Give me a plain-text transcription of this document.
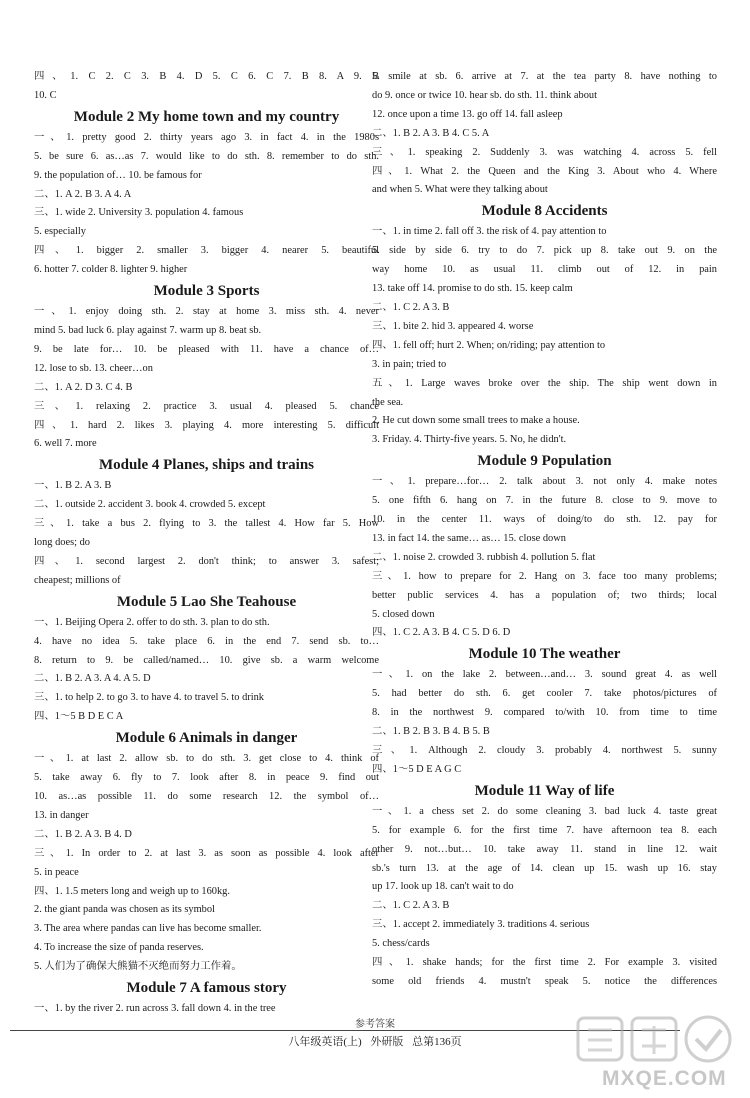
四、1. C 2. C 3. B 4. D 5. C 6. C 7. B 8. A 9. B
10. C
Module 2 My home town and my country
一、1. pretty good 2. thirty years ago 3. in fact 4. in the 1980s
5. be sure 6. as…as 7. would like to do sth. 8. remember to do sth.
9. the population of… 10. be famous for
二、1. A 2. B 3. A 4. A
三、1. wide 2. University 3. population 4. famous
5. especially
四、1. bigger 2. smaller 3. bigger 4. nearer 5. beautiful
6. hotter 7. colder 8. lighter 9. higher
Module 3 Sports
一、1. enjoy doing sth. 2. stay at home 3. miss sth. 4. never
mind 5. bad luck 6. play against 7. warm up 8. beat sb.
9. be late for… 10. be pleased with 11. have a chance of…
12. lose to sb. 13. cheer…on
二、1. A 2. D 3. C 4. B
三、1. relaxing 2. practice 3. usual 4. pleased 5. chance
四、1. hard 2. likes 3. playing 4. more interesting 5. difficult
6. well 7. more
Module 4 Planes, ships and trains
一、1. B 2. A 3. B
二、1. outside 2. accident 3. book 4. crowded 5. except
三、1. take a bus 2. flying to 3. the tallest 4. How far 5. How
long does; do
四、1. second largest 2. don't think; to answer 3. safest;
cheapest; millions of
Module 5 Lao She Teahouse
一、1. Beijing Opera 2. offer to do sth. 3. plan to do sth.
4. have no idea 5. take place 6. in the end 7. send sb. to…
8. return to 9. be called/named… 10. give sb. a warm welcome
二、1. B 2. A 3. A 4. A 5. D
三、1. to help 2. to go 3. to have 4. to travel 5. to drink
四、1～5 B D E C A
Module 6 Animals in danger
一、1. at last 2. allow sb. to do sth. 3. get close to 4. think of
5. take away 6. fly to 7. look after 8. in peace 9. find out
10. as…as possible 11. do some research 12. the symbol of…
13. in danger
二、1. B 2. A 3. B 4. D
三、1. In order to 2. at last 3. as soon as possible 4. look after
5. in peace
四、1. 1.5 meters long and weigh up to 160kg.
2. the giant panda was chosen as its symbol
3. The area where pandas can live has become smaller.
4. To increase the size of panda reserves.
5. 人们为了确保大熊猫不灭绝而努力工作着。
Module 7 A famous story
一、1. by the river 2. run across 3. fall down 4. in the tree
5. smile at sb. 6. arrive at 7. at the tea party 8. have nothing to
do 9. once or twice 10. hear sb. do sth. 11. think about
12. once upon a time 13. go off 14. fall asleep
二、1. B 2. A 3. B 4. C 5. A
三、1. speaking 2. Suddenly 3. was watching 4. across 5. fell
四、1. What 2. the Queen and the King 3. About who 4. Where
and when 5. What were they talking about
Module 8 Accidents
一、1. in time 2. fall off 3. the risk of 4. pay attention to
5. side by side 6. try to do 7. pick up 8. take out 9. on the
way home 10. as usual 11. climb out of 12. in pain
13. take off 14. promise to do sth. 15. keep calm
二、1. C 2. A 3. B
三、1. bite 2. hid 3. appeared 4. worse
四、1. fell off; hurt 2. When; on/riding; pay attention to
3. in pain; tried to
五、1. Large waves broke over the ship. The ship went down in
the sea.
2. He cut down some small trees to make a house.
3. Friday. 4. Thirty-five years. 5. No, he didn't.
Module 9 Population
一、1. prepare…for… 2. talk about 3. not only 4. make notes
5. one fifth 6. hang on 7. in the future 8. close to 9. move to
10. in the center 11. ways of doing/to do sth. 12. pay for
13. in fact 14. the same… as… 15. close down
二、1. noise 2. crowded 3. rubbish 4. pollution 5. flat
三、1. how to prepare for 2. Hang on 3. face too many problems;
better public services 4. has a population of; two thirds; local
5. closed down
四、1. C 2. A 3. B 4. C 5. D 6. D
Module 10 The weather
一、1. on the lake 2. between…and… 3. sound great 4. as well
5. had better do sth. 6. get cooler 7. take photos/pictures of
8. in the northwest 9. compared to/with 10. from time to time
二、1. B 2. B 3. B 4. B 5. B
三、1. Although 2. cloudy 3. probably 4. northwest 5. sunny
四、1～5 D E A G C
Module 11 Way of life
一、1. a chess set 2. do some cleaning 3. bad luck 4. taste great
5. for example 6. for the first time 7. have afternoon tea 8. each
other 9. not…but… 10. take away 11. stand in line 12. wait
sb.'s turn 13. at the age of 14. clean up 15. wash up 16. stay
up 17. look up 18. can't wait to do
二、1. C 2. A 3. B
三、1. accept 2. immediately 3. traditions 4. serious
5. chess/cards
四、1. shake hands; for the first time 2. For example 3. visited
some old friends 4. mustn't speak 5. notice the differences
参考答案
八年级英语(上) 外研版 总第136页
MXQE.COM
